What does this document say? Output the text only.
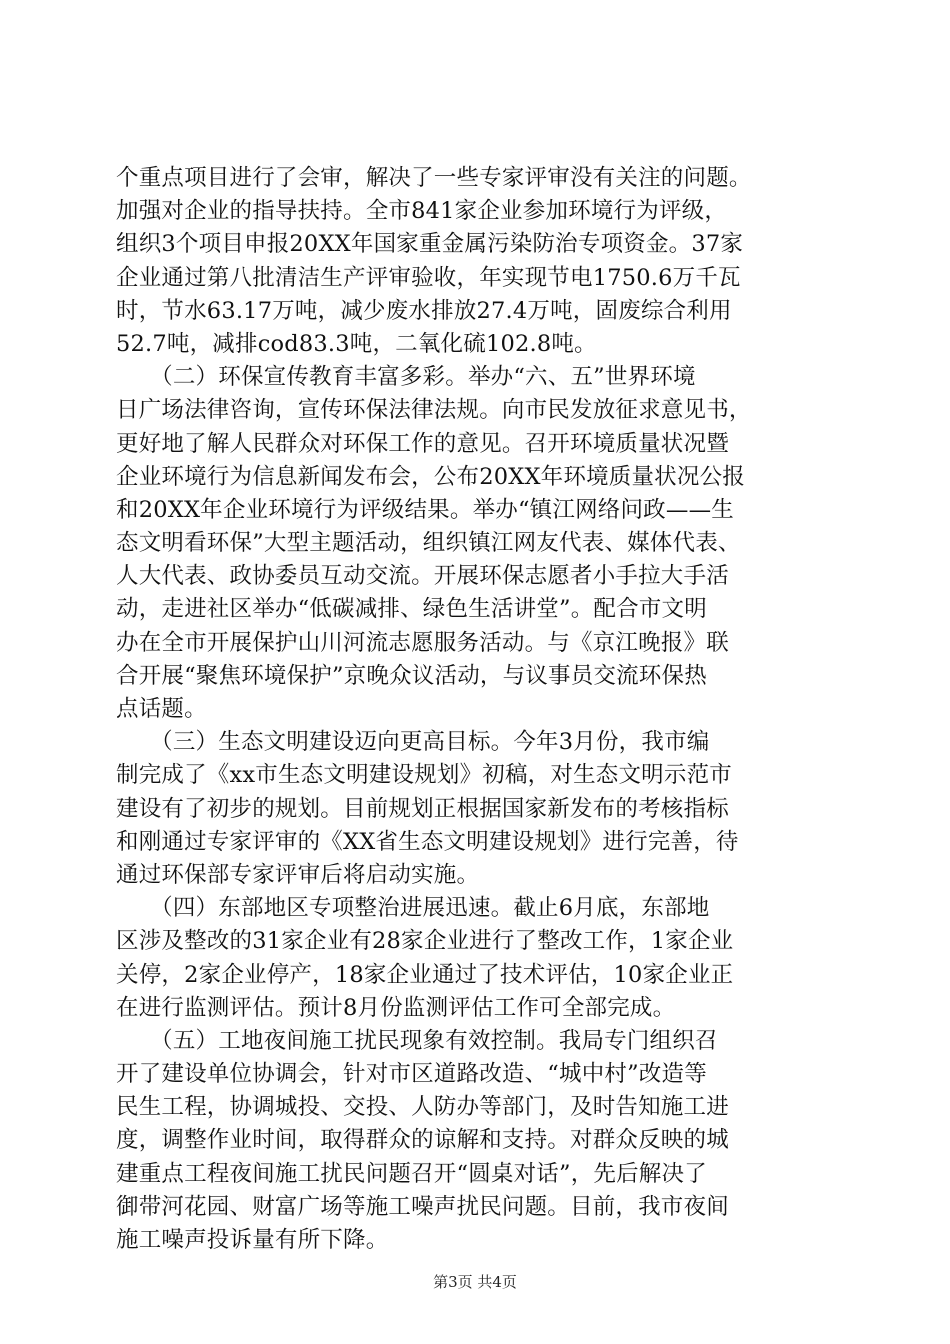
个重点项目进行了会审，解决了一些专家评审没有关注的问题。
加强对企业的指导扶持。全市841家企业参加环境行为评级，
组织3个项目申报20XX年国家重金属污染防治专项资金。37家
企业通过第八批清洁生产评审验收，年实现节电1750.6万千瓦
时，节水63.17万吨，减少废水排放27.4万吨，固废综合利用
52.7吨，减排cod83.3吨，二氧化硫102.8吨。
　　（二）环保宣传教育丰富多彩。举办“六、五”世界环境
日广场法律咨询，宣传环保法律法规。向市民发放征求意见书，
更好地了解人民群众对环保工作的意见。召开环境质量状况暨
企业环境行为信息新闻发布会，公布20XX年环境质量状况公报
和20XX年企业环境行为评级结果。举办“镇江网络问政——生
态文明看环保”大型主题活动，组织镇江网友代表、媒体代表、
人大代表、政协委员互动交流。开展环保志愿者小手拉大手活
动，走进社区举办“低碳减排、绿色生活讲堂”。配合市文明
办在全市开展保护山川河流志愿服务活动。与《京江晚报》联
合开展“聚焦环境保护”京晚众议活动，与议事员交流环保热
点话题。
　　（三）生态文明建设迈向更高目标。今年3月份，我市编
制完成了《xx市生态文明建设规划》初稿，对生态文明示范市
建设有了初步的规划。目前规划正根据国家新发布的考核指标
和刚通过专家评审的《XX省生态文明建设规划》进行完善，待
通过环保部专家评审后将启动实施。
　　（四）东部地区专项整治进展迅速。截止6月底，东部地
区涉及整改的31家企业有28家企业进行了整改工作，1家企业
关停，2家企业停产，18家企业通过了技术评估，10家企业正
在进行监测评估。预计8月份监测评估工作可全部完成。
　　（五）工地夜间施工扰民现象有效控制。我局专门组织召
开了建设单位协调会，针对市区道路改造、“城中村”改造等
民生工程，协调城投、交投、人防办等部门，及时告知施工进
度，调整作业时间，取得群众的谅解和支持。对群众反映的城
建重点工程夜间施工扰民问题召开“圆桌对话”，先后解决了
御带河花园、财富广场等施工噪声扰民问题。目前，我市夜间
施工噪声投诉量有所下降。
第3页 共4页
